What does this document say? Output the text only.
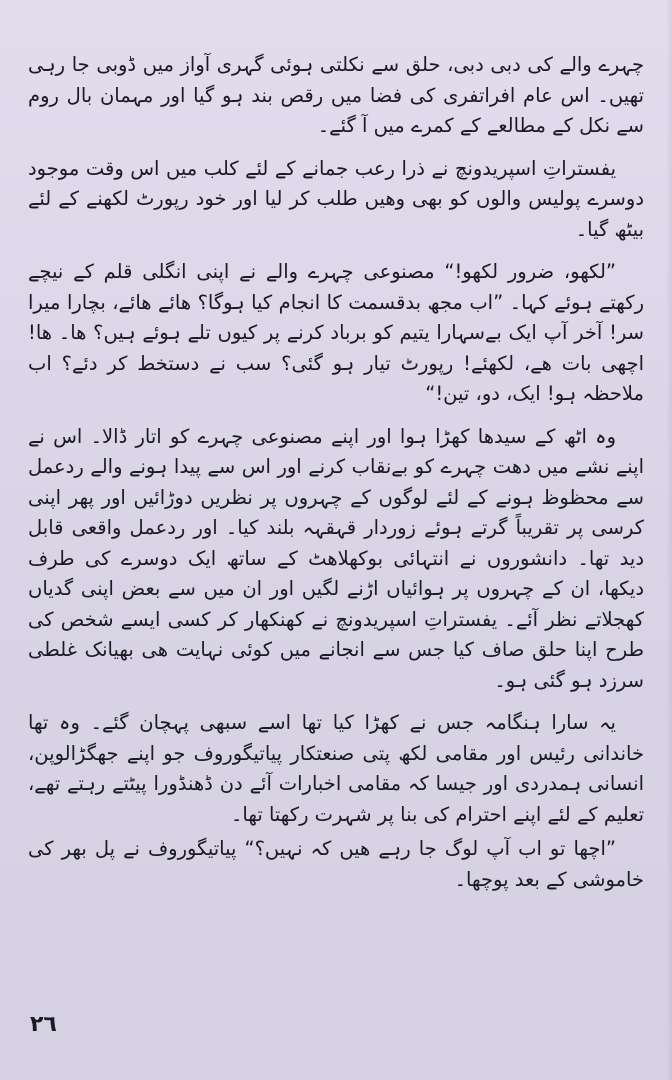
چہرے والے کی دبی دبی، حلق سے نکلتی ہوئی گہری آواز میں ڈوبی جا رہی تھیں۔ اس عام افراتفری کی فضا میں رقص بند ہو گیا اور مہمان بال روم سے نکل کے مطالعے کے کمرے میں آ گئے۔

یفستراتِ اسپریدونچ نے ذرا رعب جمانے کے لئے کلب میں اس وقت موجود دوسرے پولیس والوں کو بھی وھیں طلب کر لیا اور خود رپورٹ لکھنے کے لئے بیٹھ گیا۔

”لکھو، ضرور لکھو!“ مصنوعی چہرے والے نے اپنی انگلی قلم کے نیچے رکھتے ہوئے کہا۔ ”اب مجھ بدقسمت کا انجام کیا ہوگا؟ ھائے ھائے، بچارا میرا سر! آخر آپ ایک بےسہارا یتیم کو برباد کرنے پر کیوں تلے ہوئے ہیں؟ ھا۔ ھا! اچھی بات ھے، لکھئے! رپورٹ تیار ہو گئی؟ سب نے دستخط کر دئے؟ اب ملاحظہ ہو! ایک، دو، تین!“

وہ اٹھ کے سیدھا کھڑا ہوا اور اپنے مصنوعی چہرے کو اتار ڈالا۔ اس نے اپنے نشے میں دھت چہرے کو بےنقاب کرنے اور اس سے پیدا ہونے والے ردعمل سے محظوظ ہونے کے لئے لوگوں کے چہروں پر نظریں دوڑائیں اور پھر اپنی کرسی پر تقریباً گرتے ہوئے زوردار قہقہہ بلند کیا۔ اور ردعمل واقعی قابل دید تھا۔ دانشوروں نے انتہائی بوکھلاھٹ کے ساتھ ایک دوسرے کی طرف دیکھا، ان کے چہروں پر ہوائیاں اڑنے لگیں اور ان میں سے بعض اپنی گدیاں کھجلاتے نظر آئے۔ یفستراتِ اسپریدونچ نے کھنکھار کر کسی ایسے شخص کی طرح اپنا حلق صاف کیا جس سے انجانے میں کوئی نہایت ھی بھیانک غلطی سرزد ہو گئی ہو۔

یہ سارا ہنگامہ جس نے کھڑا کیا تھا اسے سبھی پہچان گئے۔ وہ تھا خاندانی رئیس اور مقامی لکھ پتی صنعتکار پیاتیگوروف جو اپنے جھگڑالوپن، انسانی ہمدردی اور جیسا کہ مقامی اخبارات آئے دن ڈھنڈورا پیٹتے رہتے تھے، تعلیم کے لئے اپنے احترام کی بنا پر شہرت رکھتا تھا۔

”اچھا تو اب آپ لوگ جا رہے ھیں کہ نہیں؟“ پیاتیگوروف نے پل بھر کی خاموشی کے بعد پوچھا۔

٢٦
